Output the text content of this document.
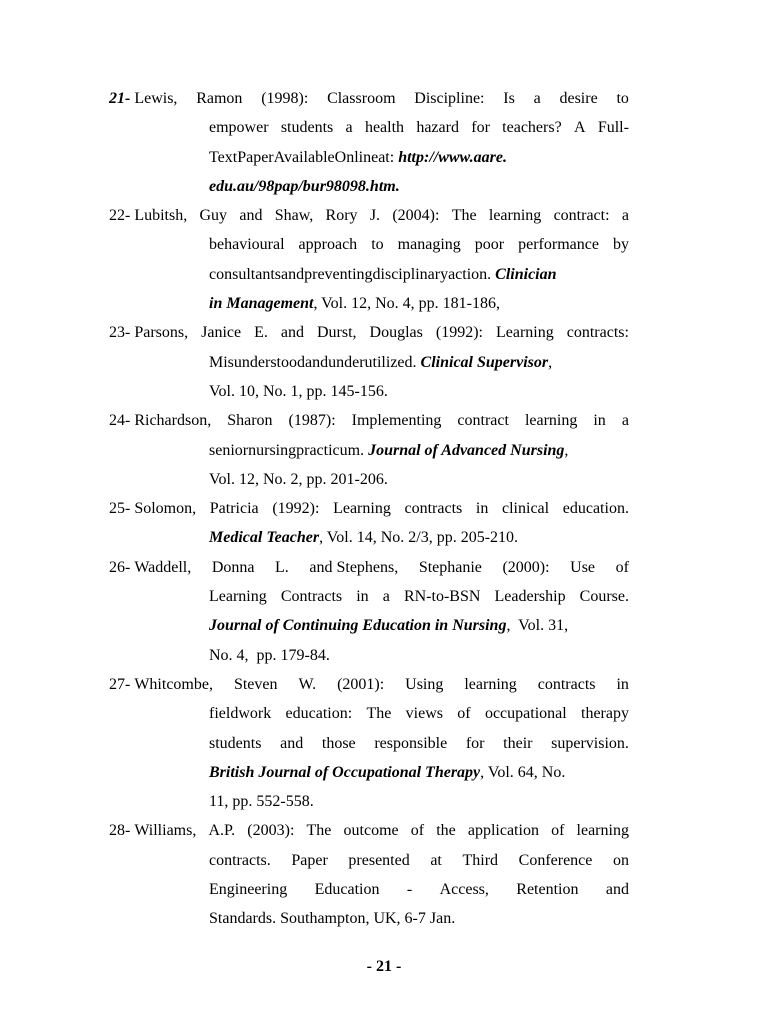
21- Lewis, Ramon (1998): Classroom Discipline: Is a desire to
empower students a health hazard for teachers? A Full-
TextPaperAvailableOnlineat: http://www.aare.
edu.au/98pap/bur98098.htm.
22- Lubitsh, Guy and Shaw, Rory J. (2004): The learning contract: a
behavioural approach to managing poor performance by
consultantsandpreventingdisciplinaryaction. Clinician
in Management, Vol. 12, No. 4, pp. 181-186,
23- Parsons, Janice E. and Durst, Douglas (1992): Learning contracts:
Misunderstoodandunderutilized. Clinical Supervisor,
Vol. 10, No. 1, pp. 145-156.
24- Richardson, Sharon (1987): Implementing contract learning in a
seniornursingpracticum. Journal of Advanced Nursing,
Vol. 12, No. 2, pp. 201-206.
25- Solomon, Patricia (1992): Learning contracts in clinical education.
Medical Teacher, Vol. 14, No. 2/3, pp. 205-210.
26- Waddell, Donna L. and Stephens, Stephanie (2000): Use of
Learning Contracts in a RN-to-BSN Leadership Course.
Journal of Continuing Education in Nursing,  Vol. 31,
No. 4,  pp. 179-84.
27- Whitcombe, Steven W. (2001): Using learning contracts in
fieldwork education: The views of occupational therapy
students and those responsible for their supervision.
British Journal of Occupational Therapy, Vol. 64, No.
11, pp. 552-558.
28- Williams, A.P. (2003): The outcome of the application of learning
contracts. Paper presented at Third Conference on
Engineering Education - Access, Retention and
Standards. Southampton, UK, 6-7 Jan.
- 21 -
